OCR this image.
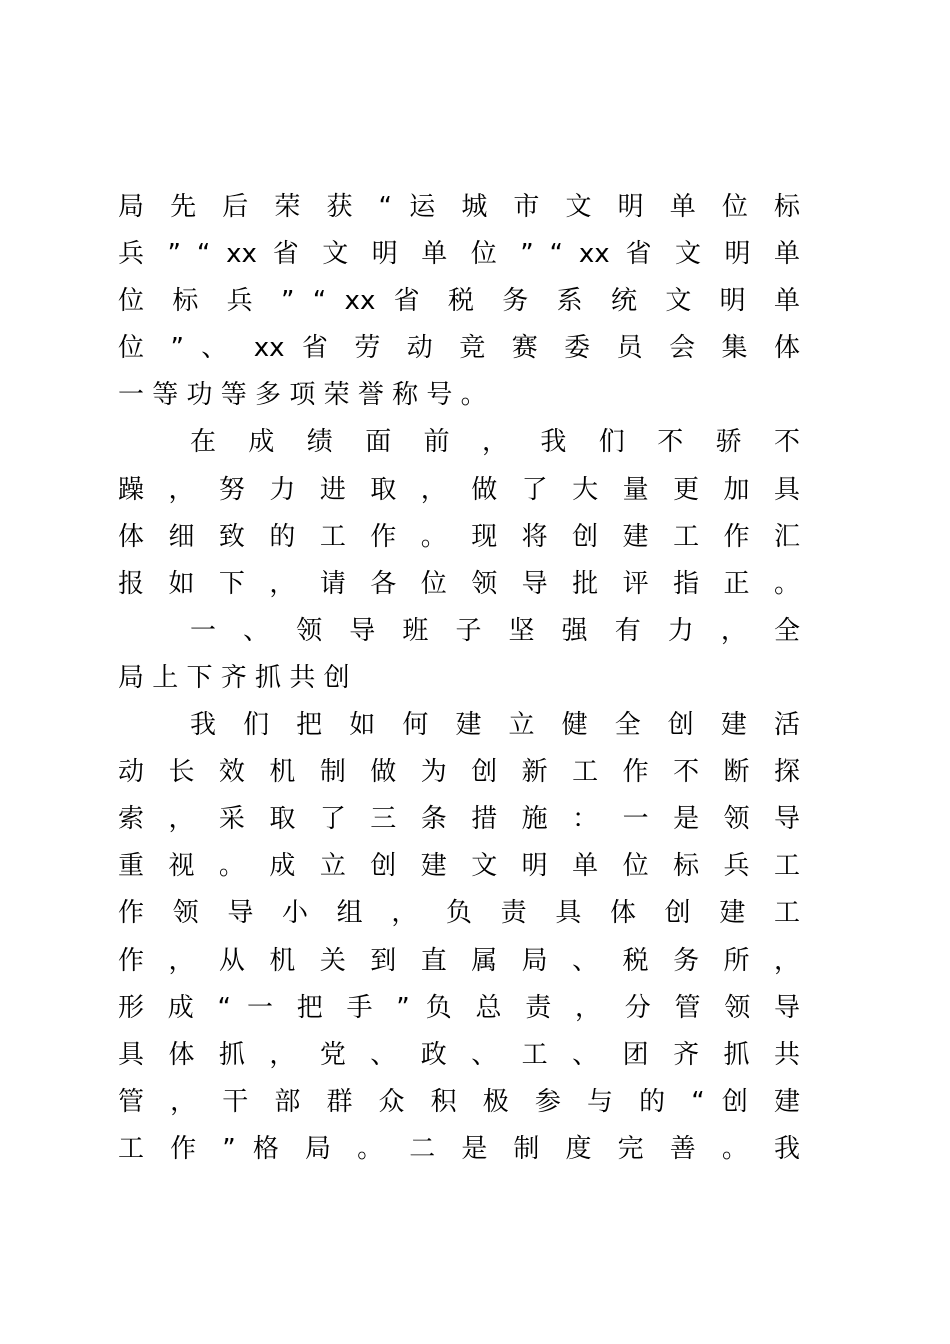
局 先 后 荣 获 “ 运 城 市 文 明 单 位 标
兵 ” “ xx 省 文 明 单 位 ” “ xx 省 文 明 单
位 标 兵 ” “ xx 省 税 务 系 统 文 明 单
位 ” 、 xx 省 劳 动 竞 赛 委 员 会 集 体
一 等 功 等 多 项 荣 誉 称 号 。
在 成 绩 面 前 ， 我 们 不 骄 不
躁 ， 努 力 进 取 ， 做 了 大 量 更 加 具
体 细 致 的 工 作 。 现 将 创 建 工 作 汇
报 如 下 ， 请 各 位 领 导 批 评 指 正 。
一 、 领 导 班 子 坚 强 有 力 ， 全
局 上 下 齐 抓 共 创
我 们 把 如 何 建 立 健 全 创 建 活
动 长 效 机 制 做 为 创 新 工 作 不 断 探
索 ， 采 取 了 三 条 措 施 ： 一 是 领 导
重 视 。 成 立 创 建 文 明 单 位 标 兵 工
作 领 导 小 组 ， 负 责 具 体 创 建 工
作 ， 从 机 关 到 直 属 局 、 税 务 所 ，
形 成 “ 一 把 手 ” 负 总 责 ， 分 管 领 导
具 体 抓 ， 党 、 政 、 工 、 团 齐 抓 共
管 ， 干 部 群 众 积 极 参 与 的 “ 创 建
工 作 ” 格 局 。 二 是 制 度 完 善 。 我
